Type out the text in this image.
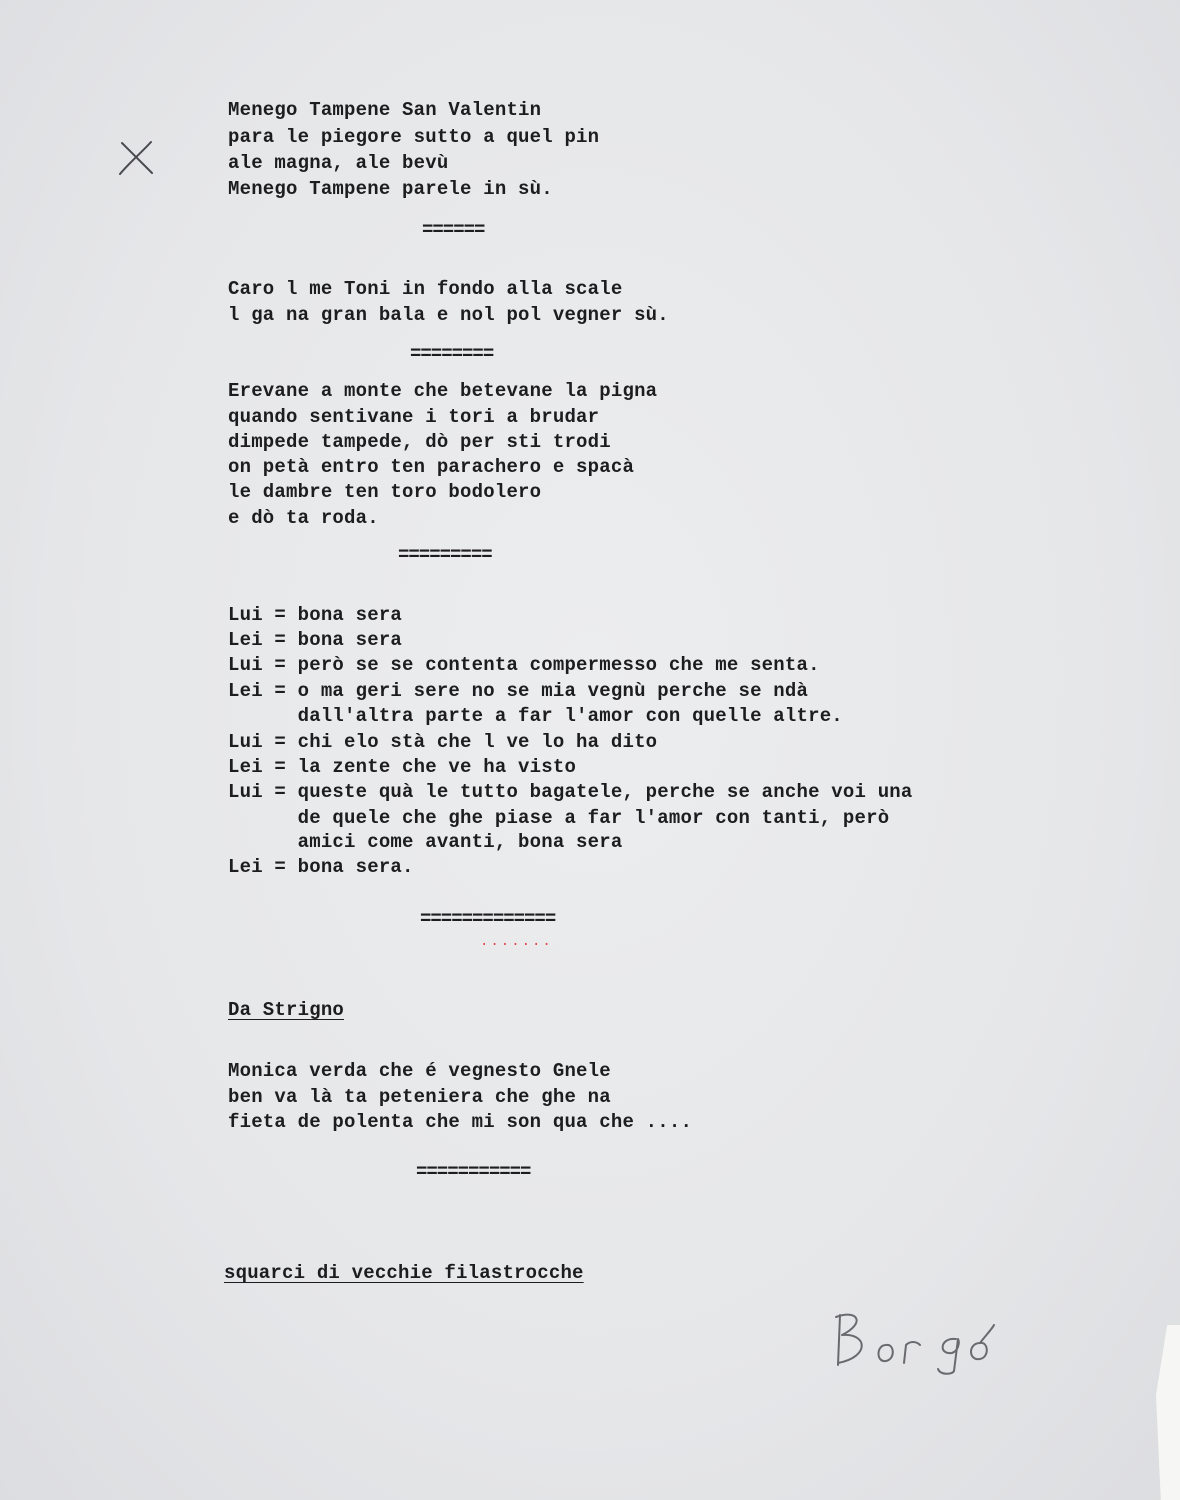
Menego Tampene San Valentin
para le piegore sutto a quel pin
ale magna, ale bevù
Menego Tampene parele in sù.
======
Caro l me Toni in fondo alla scale
l ga na gran bala e nol pol vegner sù.
========
Erevane a monte che betevane la pigna
quando sentivane i tori a brudar
dimpede tampede, dò per sti trodi
on petà entro ten parachero e spacà
le dambre ten toro bodolero
e dò ta roda.
=========
Lui = bona sera
Lei = bona sera
Lui = però se se contenta compermesso che me senta.
Lei = o ma geri sere no se mia vegnù perche se ndà
dall'altra parte a far l'amor con quelle altre.
Lui = chi elo stà che l ve lo ha dito
Lei = la zente che ve ha visto
Lui = queste quà le tutto bagatele, perche se anche voi una
de quele che ghe piase a far l'amor con tanti, però
amici come avanti, bona sera
Lei = bona sera.
=============
·······
Da Strigno
Monica verda che é vegnesto Gnele
ben va là ta peteniera che ghe na
fieta de polenta che mi son qua che ....
===========
squarci di vecchie filastrocche
